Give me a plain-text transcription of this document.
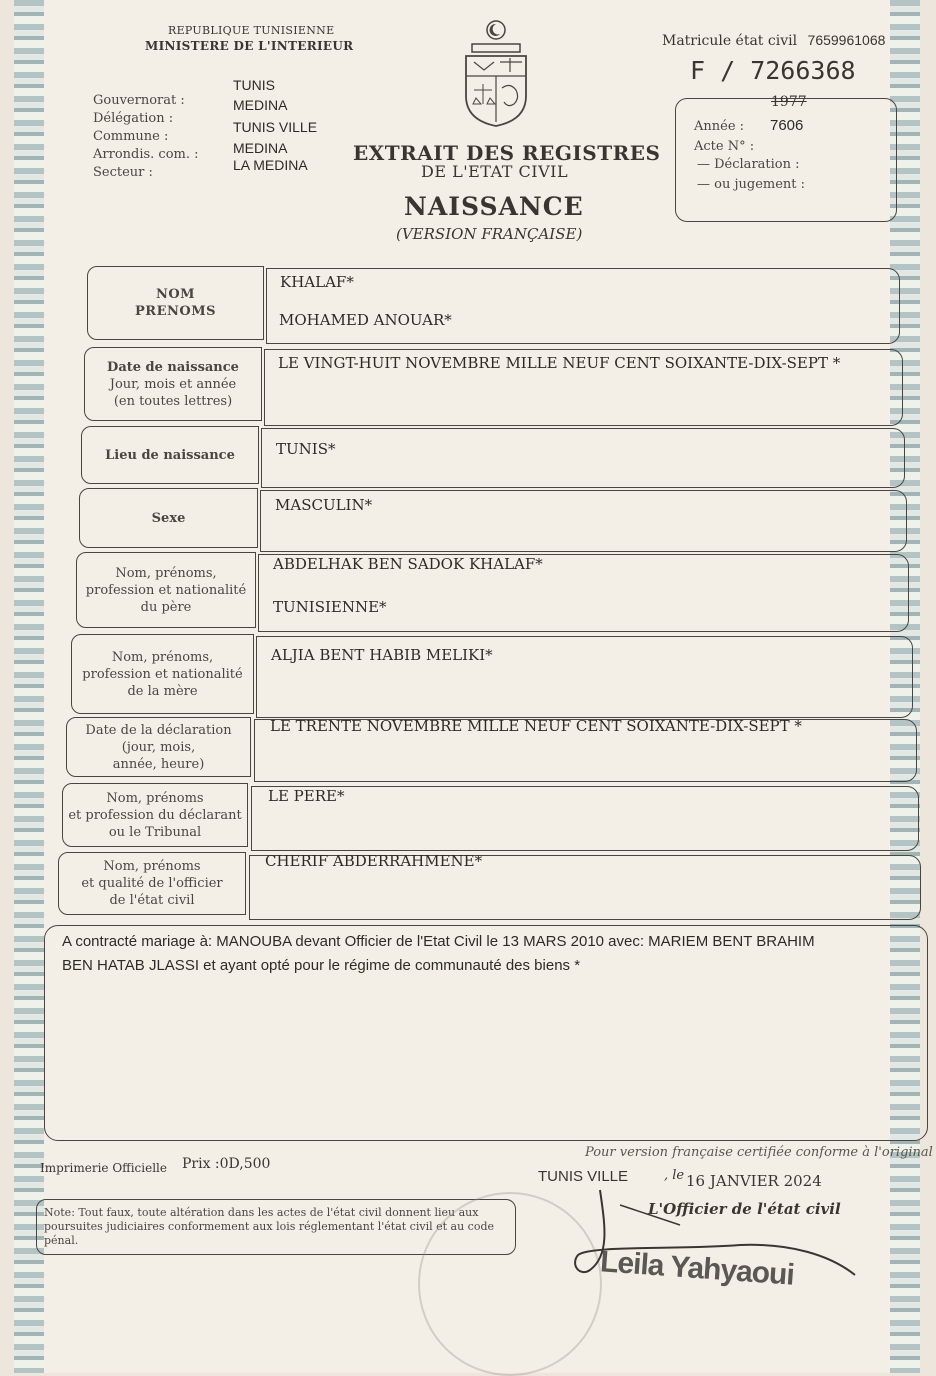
REPUBLIQUE TUNISIENNE
MINISTERE DE L'INTERIEUR
Gouvernorat :
Délégation :
Commune :
Arrondis. com. :
Secteur :
TUNIS
MEDINA
TUNIS VILLE
MEDINA
LA MEDINA EXTRAIT DES REGISTRES
DE L'ETAT CIVIL
NAISSANCE
(VERSION FRANÇAISE)
Matricule état civil 7659961068
F / 7266368
1977
Année : 7606
Acte N° :
— Déclaration :
— ou jugement :
NOM
PRENOMS
KHALAF*
MOHAMED ANOUAR*
Date de naissance
Jour, mois et année
(en toutes lettres)
LE VINGT-HUIT NOVEMBRE MILLE NEUF CENT SOIXANTE-DIX-SEPT *
Lieu de naissance	TUNIS*
Sexe
MASCULIN*
Nom, prénoms,
profession et nationalité
du père
ABDELHAK BEN SADOK KHALAF*
TUNISIENNE*
Nom, prénoms,
profession et nationalité
de la mère
ALJIA BENT HABIB MELIKI*
Date de la déclaration
(jour, mois,
année, heure)
LE TRENTE NOVEMBRE MILLE NEUF CENT SOIXANTE-DIX-SEPT *
Nom, prénoms
et profession du déclarant
ou le Tribunal
LE PERE*
Nom, prénoms
et qualité de l'officier
de l'état civil
CHERIF ABDERRAHMENE*
A contracté mariage à: MANOUBA devant Officier de l'Etat Civil le 13 MARS 2010 avec: MARIEM BENT BRAHIM
BEN HATAB JLASSI et ayant opté pour le régime de communauté des biens *
Imprimerie Officielle Prix :0D,500
Pour version française certifiée conforme à l'original
TUNIS VILLE	, le 16 JANVIER 2024
L'Officier de l'état civil
Note: Tout faux, toute altération dans les actes de l'état civil donnent lieu aux poursuites judiciaires conformement aux lois réglementant l'état civil et au code pénal.
Leila Yahyaoui
